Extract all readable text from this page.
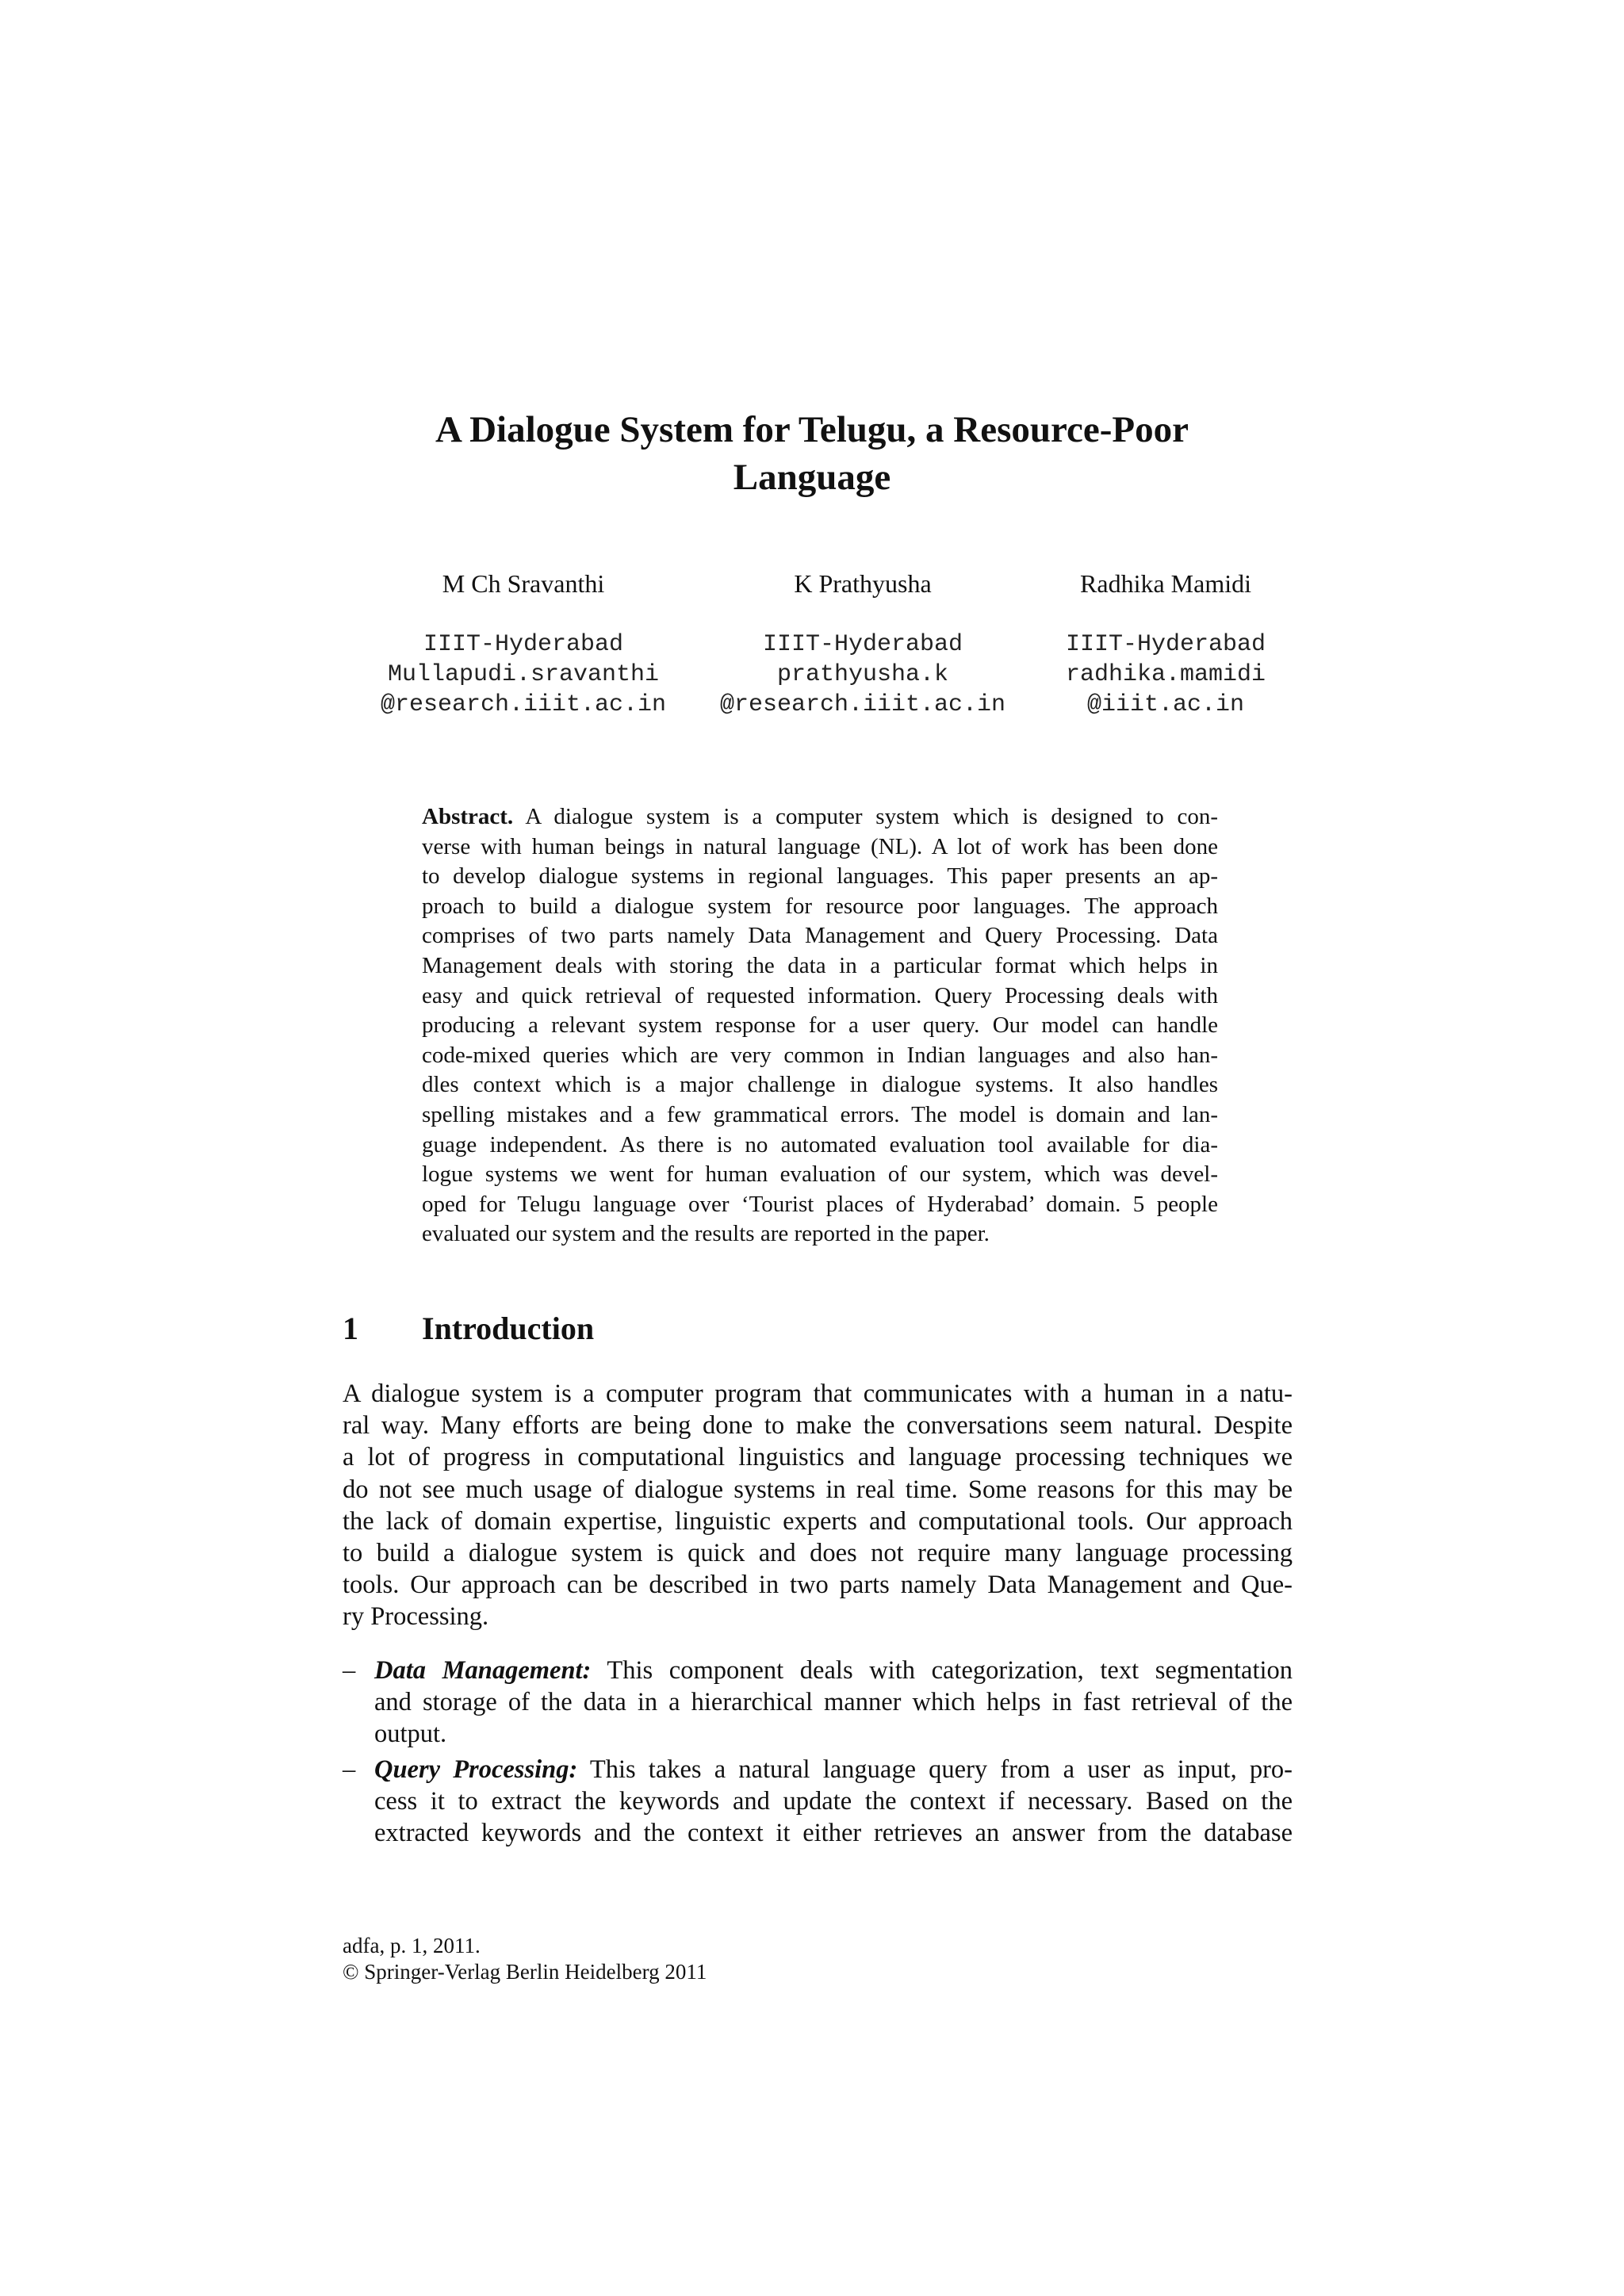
A Dialogue System for Telugu, a Resource-Poor
Language
M Ch Sravanthi	K Prathyusha	Radhika Mamidi
IIIT-Hyderabad
Mullapudi.sravanthi
@research.iiit.ac.in
IIIT-Hyderabad
prathyusha.k
@research.iiit.ac.in
IIIT-Hyderabad
radhika.mamidi
@iiit.ac.in
Abstract. A dialogue system is a computer system which is designed to con-
verse with human beings in natural language (NL). A lot of work has been done
to develop dialogue systems in regional languages. This paper presents an ap-
proach to build a dialogue system for resource poor languages. The approach
comprises of two parts namely Data Management and Query Processing. Data
Management deals with storing the data in a particular format which helps in
easy and quick retrieval of requested information. Query Processing deals with
producing a relevant system response for a user query. Our model can handle
code-mixed queries which are very common in Indian languages and also han-
dles context which is a major challenge in dialogue systems. It also handles
spelling mistakes and a few grammatical errors. The model is domain and lan-
guage independent. As there is no automated evaluation tool available for dia-
logue systems we went for human evaluation of our system, which was devel-
oped for Telugu language over ‘Tourist places of Hyderabad’ domain. 5 people
evaluated our system and the results are reported in the paper.
1 Introduction
A dialogue system is a computer program that communicates with a human in a natu-
ral way. Many efforts are being done to make the conversations seem natural. Despite
a lot of progress in computational linguistics and language processing techniques we
do not see much usage of dialogue systems in real time. Some reasons for this may be
the lack of domain expertise, linguistic experts and computational tools. Our approach
to build a dialogue system is quick and does not require many language processing
tools. Our approach can be described in two parts namely Data Management and Que-
ry Processing.
– Data Management: This component deals with categorization, text segmentation
and storage of the data in a hierarchical manner which helps in fast retrieval of the
output.
– Query Processing: This takes a natural language query from a user as input, pro-
cess it to extract the keywords and update the context if necessary. Based on the
extracted keywords and the context it either retrieves an answer from the database
adfa, p. 1, 2011.
© Springer-Verlag Berlin Heidelberg 2011
